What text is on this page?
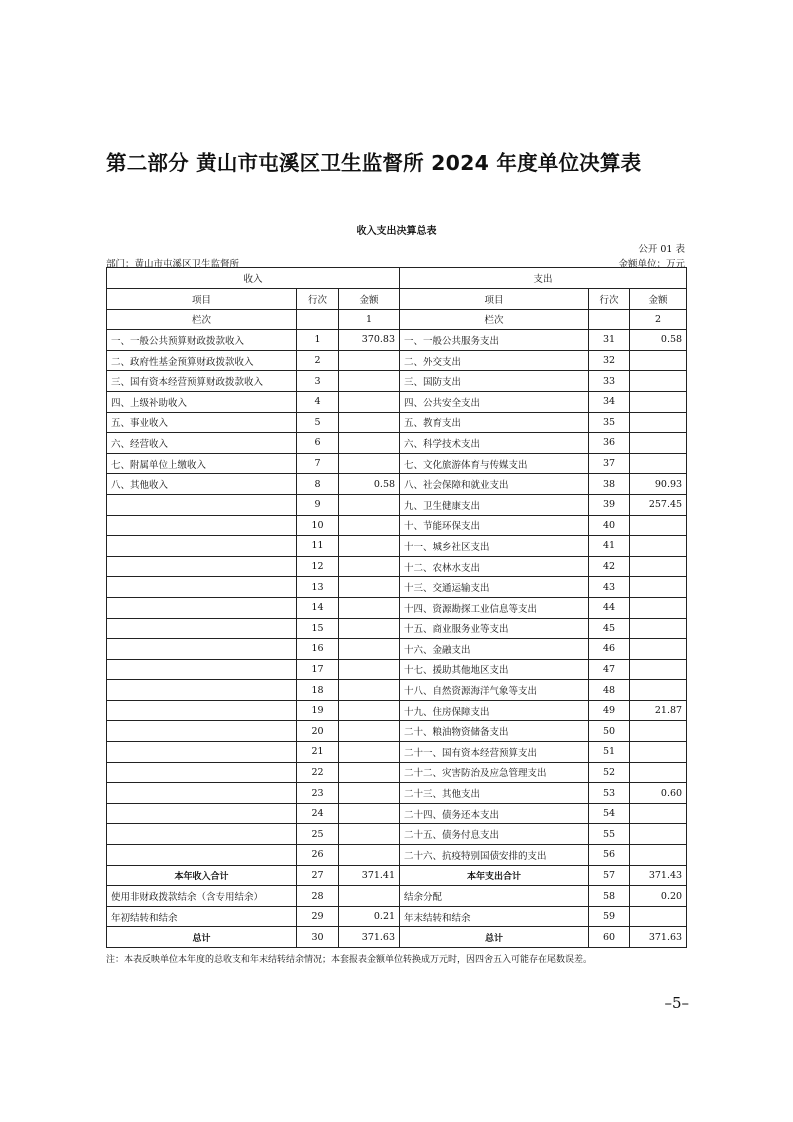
第二部分 黄山市屯溪区卫生监督所 2024 年度单位决算表
收入支出决算总表
公开 01 表
部门：黄山市屯溪区卫生监督所	金额单位：万元
收入			支出		
项目	行次	金额	项目	行次	金额
栏次		1	栏次		2
一、一般公共预算财政拨款收入	1	370.83	一、一般公共服务支出	31	0.58
二、政府性基金预算财政拨款收入	2		二、外交支出	32	
三、国有资本经营预算财政拨款收入	3		三、国防支出	33	
四、上级补助收入	4		四、公共安全支出	34	
五、事业收入	5		五、教育支出	35	
六、经营收入	6		六、科学技术支出	36	
七、附属单位上缴收入	7		七、文化旅游体育与传媒支出	37	
八、其他收入	8	0.58	八、社会保障和就业支出	38	90.93
	9		九、卫生健康支出	39	257.45
	10		十、节能环保支出	40	
	11		十一、城乡社区支出	41	
	12		十二、农林水支出	42	
	13		十三、交通运输支出	43	
	14		十四、资源勘探工业信息等支出	44	
	15		十五、商业服务业等支出	45	
	16		十六、金融支出	46	
	17		十七、援助其他地区支出	47	
	18		十八、自然资源海洋气象等支出	48	
	19		十九、住房保障支出	49	21.87
	20		二十、粮油物资储备支出	50	
	21		二十一、国有资本经营预算支出	51	
	22		二十二、灾害防治及应急管理支出	52	
	23		二十三、其他支出	53	0.60
	24		二十四、债务还本支出	54	
	25		二十五、债务付息支出	55	
	26		二十六、抗疫特别国债安排的支出	56	
本年收入合计	27	371.41	本年支出合计	57	371.43
使用非财政拨款结余（含专用结余）	28		结余分配	58	0.20
年初结转和结余	29	0.21	年末结转和结余	59	
总计	30	371.63	总计	60	371.63
注：本表反映单位本年度的总收支和年末结转结余情况；本套报表金额单位转换成万元时，因四舍五入可能存在尾数误差。
–5–
